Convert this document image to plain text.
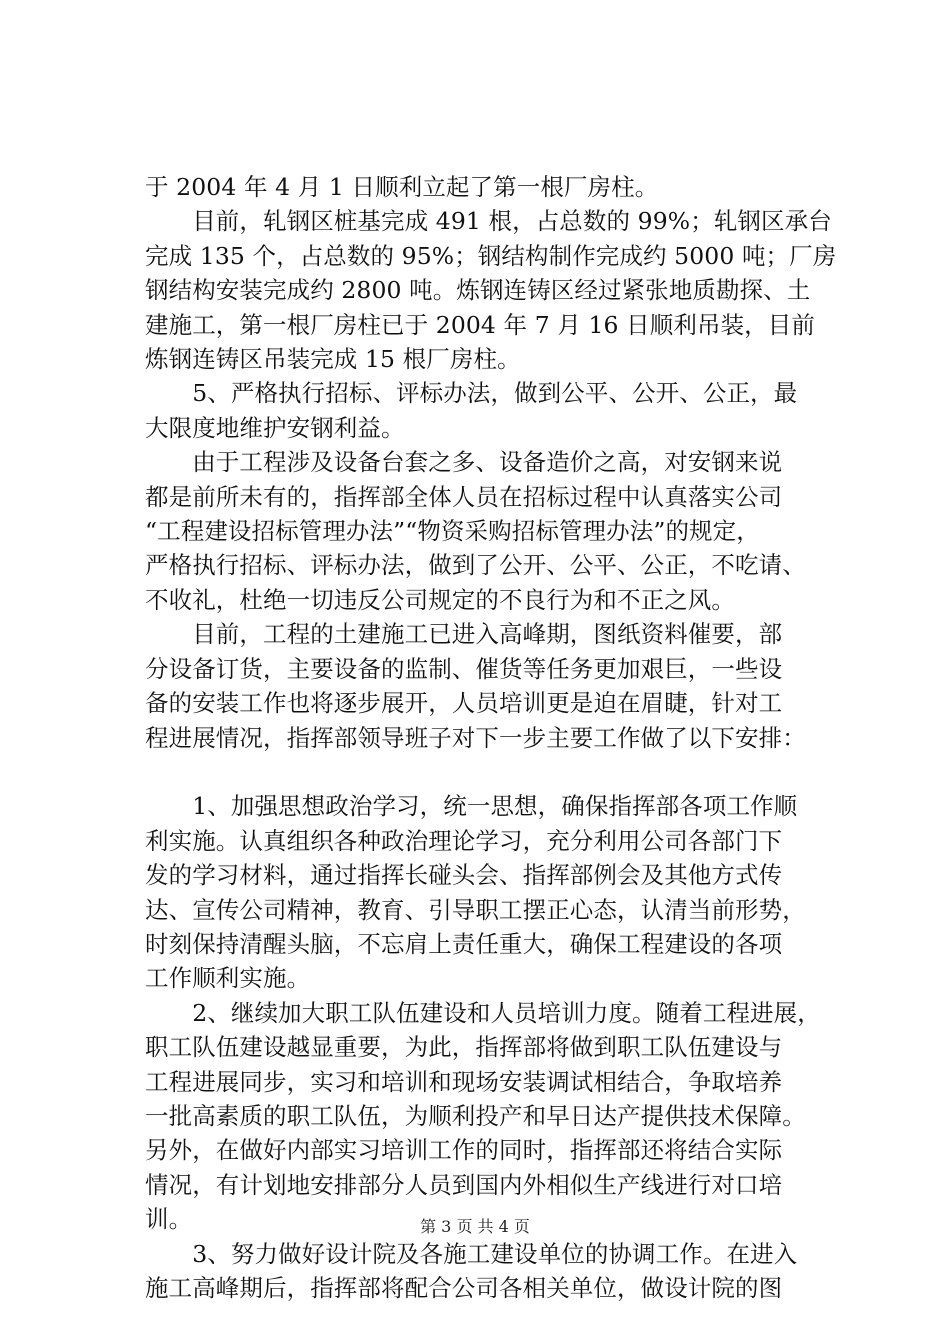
于 2004 年 4 月 1 日顺利立起了第一根厂房柱。
　　目前，轧钢区桩基完成 491 根，占总数的 99%；轧钢区承台
完成 135 个，占总数的 95%；钢结构制作完成约 5000 吨；厂房
钢结构安装完成约 2800 吨。炼钢连铸区经过紧张地质勘探、土
建施工，第一根厂房柱已于 2004 年 7 月 16 日顺利吊装，目前
炼钢连铸区吊装完成 15 根厂房柱。
　　5、严格执行招标、评标办法，做到公平、公开、公正，最
大限度地维护安钢利益。
　　由于工程涉及设备台套之多、设备造价之高，对安钢来说
都是前所未有的，指挥部全体人员在招标过程中认真落实公司
“工程建设招标管理办法”“物资采购招标管理办法”的规定，
严格执行招标、评标办法，做到了公开、公平、公正，不吃请、
不收礼，杜绝一切违反公司规定的不良行为和不正之风。
　　目前，工程的土建施工已进入高峰期，图纸资料催要，部
分设备订货，主要设备的监制、催货等任务更加艰巨，一些设
备的安装工作也将逐步展开，人员培训更是迫在眉睫，针对工
程进展情况，指挥部领导班子对下一步主要工作做了以下安排：

　　1、加强思想政治学习，统一思想，确保指挥部各项工作顺
利实施。认真组织各种政治理论学习，充分利用公司各部门下
发的学习材料，通过指挥长碰头会、指挥部例会及其他方式传
达、宣传公司精神，教育、引导职工摆正心态，认清当前形势，
时刻保持清醒头脑，不忘肩上责任重大，确保工程建设的各项
工作顺利实施。
　　2、继续加大职工队伍建设和人员培训力度。随着工程进展，
职工队伍建设越显重要，为此，指挥部将做到职工队伍建设与
工程进展同步，实习和培训和现场安装调试相结合，争取培养
一批高素质的职工队伍，为顺利投产和早日达产提供技术保障。
另外，在做好内部实习培训工作的同时，指挥部还将结合实际
情况，有计划地安排部分人员到国内外相似生产线进行对口培
训。
　　3、努力做好设计院及各施工建设单位的协调工作。在进入
施工高峰期后，指挥部将配合公司各相关单位，做设计院的图

第 3 页 共 4 页
